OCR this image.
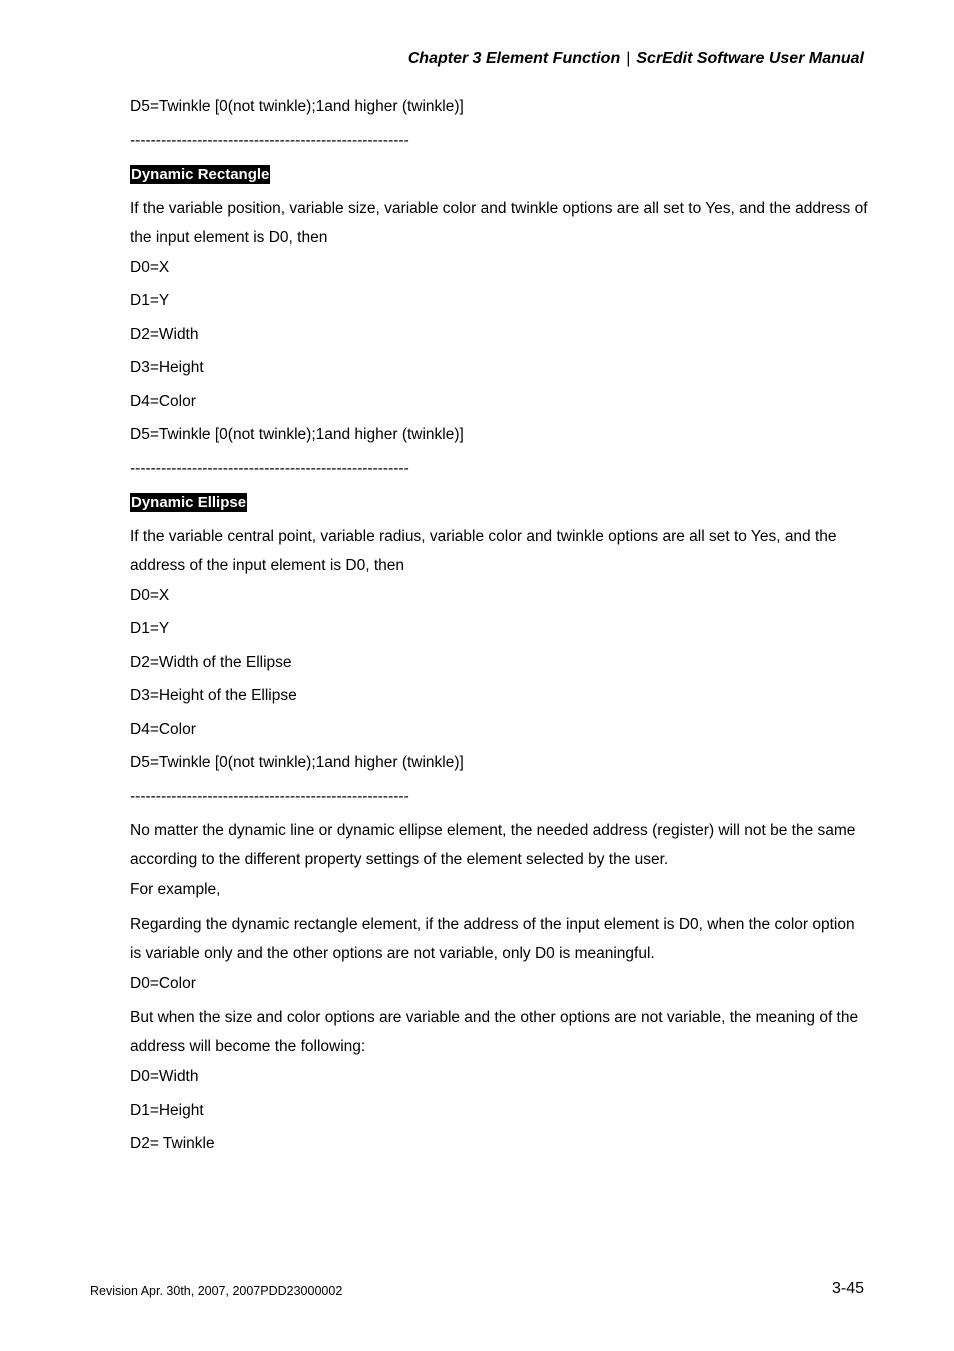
Chapter 3 Element Function | ScrEdit Software User Manual
D5=Twinkle [0(not twinkle);1and higher (twinkle)]
------------------------------------------------------
Dynamic Rectangle
If the variable position, variable size, variable color and twinkle options are all set to Yes, and the address of the input element is D0, then
D0=X
D1=Y
D2=Width
D3=Height
D4=Color
D5=Twinkle [0(not twinkle);1and higher (twinkle)]
------------------------------------------------------
Dynamic Ellipse
If the variable central point, variable radius, variable color and twinkle options are all set to Yes, and the address of the input element is D0, then
D0=X
D1=Y
D2=Width of the Ellipse
D3=Height of the Ellipse
D4=Color
D5=Twinkle [0(not twinkle);1and higher (twinkle)]
------------------------------------------------------
No matter the dynamic line or dynamic ellipse element, the needed address (register) will not be the same according to the different property settings of the element selected by the user.
For example,
Regarding the dynamic rectangle element, if the address of the input element is D0, when the color option is variable only and the other options are not variable, only D0 is meaningful.
D0=Color
But when the size and color options are variable and the other options are not variable, the meaning of the address will become the following:
D0=Width
D1=Height
D2= Twinkle
Revision Apr. 30th, 2007, 2007PDD23000002	3-45
